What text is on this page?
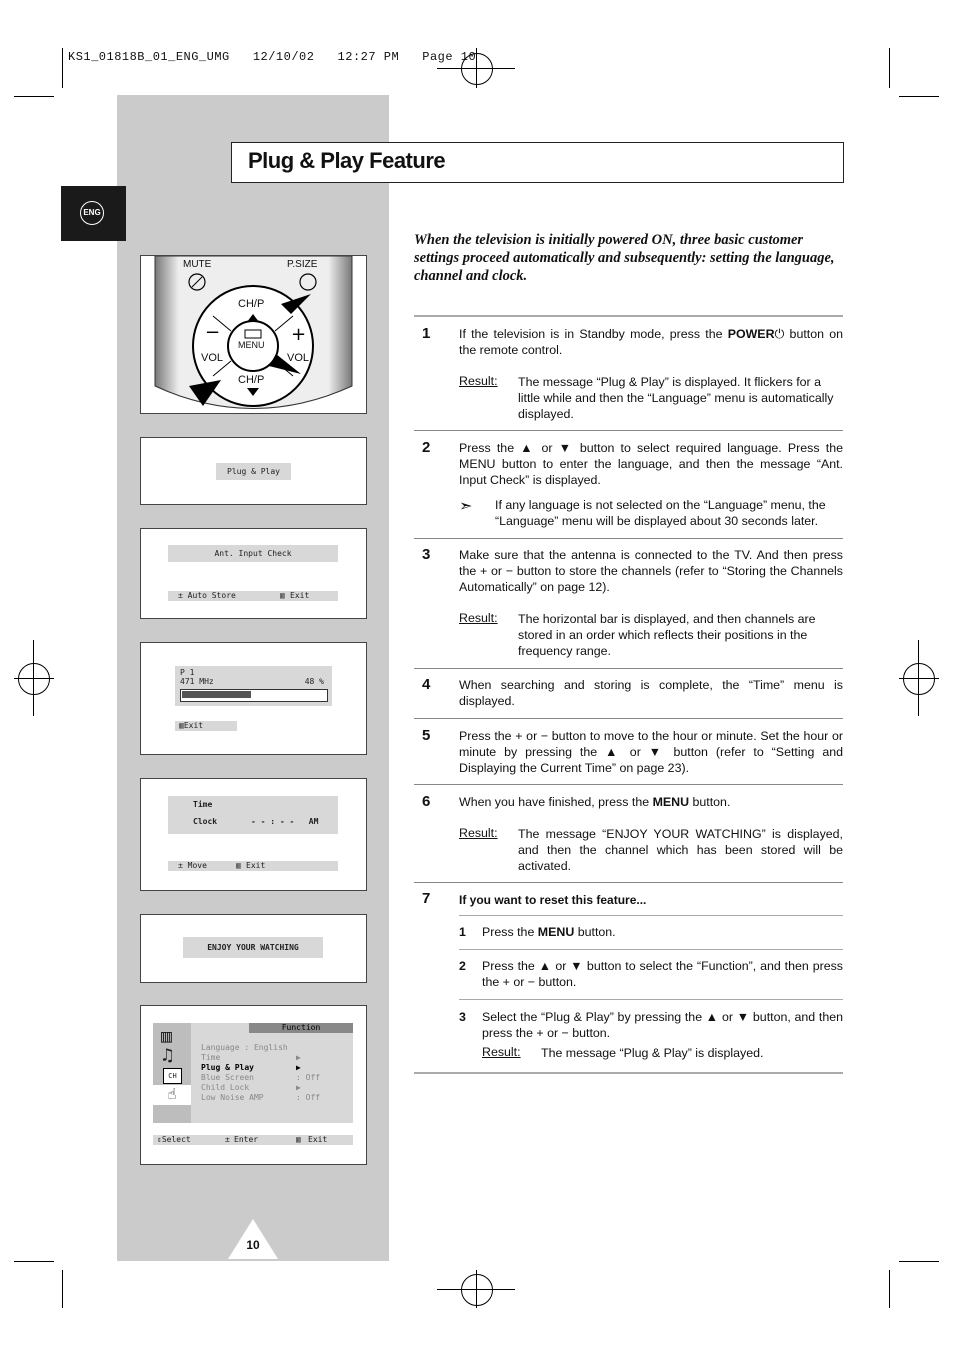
KS1_01818B_01_ENG_UMG   12/10/02   12:27 PM   Page 10
ENG
Plug & Play Feature
−	+
MUTE	P.SIZE
CH/P
VOL	VOL
MENU
CH/P
Plug & Play
Ant. Input Check
± Auto Store	▥ Exit
P 1
471 MHz	48 %
▥Exit
Time
Clock	- - : - -   AM
± Move	▥ Exit
ENJOY YOUR WATCHING
▥
♫
CH
☝
Function
Language : English
Time	▶
Plug & Play	▶
Blue Screen	: Off
Child Lock	▶
Low Noise AMP	: Off
⇕Select	± Enter	▥ Exit
10
When the television is initially powered ON, three basic customer settings proceed automatically and subsequently: setting the language, channel and clock.
1 If the television is in Standby mode, press the POWER⏻ button on the remote control.
Result: The message “Plug & Play” is displayed. It flickers for a little while and then the “Language” menu is automatically displayed.
2 Press the ▲ or ▼ button to select required language. Press the MENU button to enter the language, and then the message “Ant. Input Check” is displayed.
➣ If any language is not selected on the “Language” menu, the “Language” menu will be displayed about 30 seconds later.
3 Make sure that the antenna is connected to the TV. And then press the + or − button to store the channels (refer to “Storing the Channels Automatically” on page 12).
Result: The horizontal bar is displayed, and then channels are stored in an order which reflects their positions in the frequency range.
4 When searching and storing is complete, the “Time” menu is displayed.
5 Press the + or − button to move to the hour or minute. Set the hour or minute by pressing the ▲ or ▼ button (refer to “Setting and Displaying the Current Time” on page 23).
6 When you have finished, press the MENU button.
Result: The message “ENJOY YOUR WATCHING” is displayed, and then the channel which has been stored will be activated.
7 If you want to reset this feature...
1 Press the MENU button.
2 Press the ▲ or ▼ button to select the “Function”, and then press the + or − button.
3 Select the “Plug & Play” by pressing the ▲ or ▼ button, and then press the + or − button.
Result: The message “Plug & Play” is displayed.
